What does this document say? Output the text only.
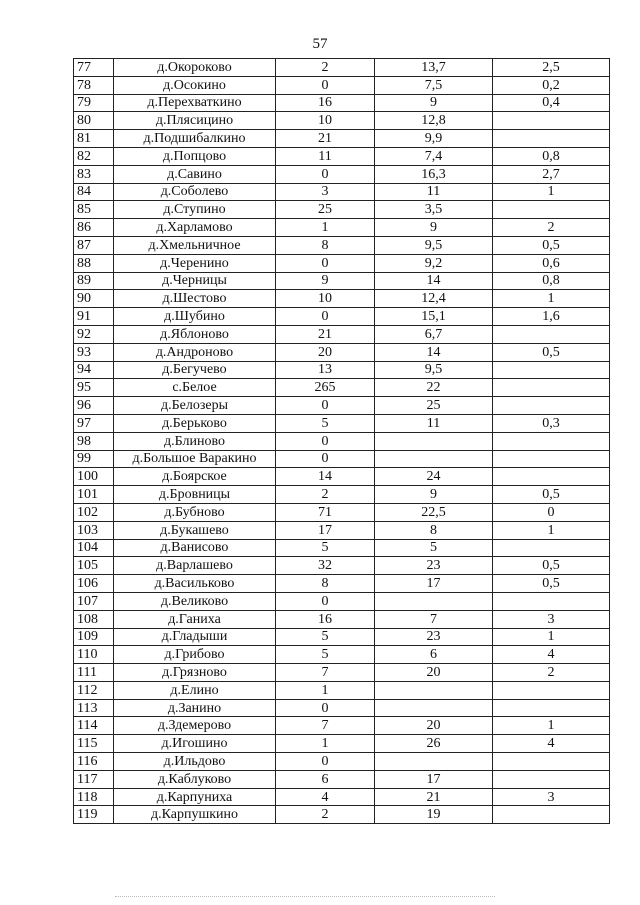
57
77	д.Окороково	2	13,7	2,5
78	д.Осокино	0	7,5	0,2
79	д.Перехваткино	16	9	0,4
80	д.Плясицино	10	12,8	
81	д.Подшибалкино	21	9,9	
82	д.Попцово	11	7,4	0,8
83	д.Савино	0	16,3	2,7
84	д.Соболево	3	11	1
85	д.Ступино	25	3,5	
86	д.Харламово	1	9	2
87	д.Хмельничное	8	9,5	0,5
88	д.Черенино	0	9,2	0,6
89	д.Черницы	9	14	0,8
90	д.Шестово	10	12,4	1
91	д.Шубино	0	15,1	1,6
92	д.Яблоново	21	6,7	
93	д.Андроново	20	14	0,5
94	д.Бегучево	13	9,5	
95	с.Белое	265	22	
96	д.Белозеры	0	25	
97	д.Берьково	5	11	0,3
98	д.Блиново	0		
99	д.Большое Варакино	0		
100	д.Боярское	14	24	
101	д.Бровницы	2	9	0,5
102	д.Бубново	71	22,5	0
103	д.Букашево	17	8	1
104	д.Ванисово	5	5	
105	д.Варлашево	32	23	0,5
106	д.Васильково	8	17	0,5
107	д.Великово	0		
108	д.Ганиха	16	7	3
109	д.Гладыши	5	23	1
110	д.Грибово	5	6	4
111	д.Грязново	7	20	2
112	д.Елино	1		
113	д.Занино	0		
114	д.Здемерово	7	20	1
115	д.Игошино	1	26	4
116	д.Ильдово	0		
117	д.Каблуково	6	17	
118	д.Карпуниха	4	21	3
119	д.Карпушкино	2	19	
